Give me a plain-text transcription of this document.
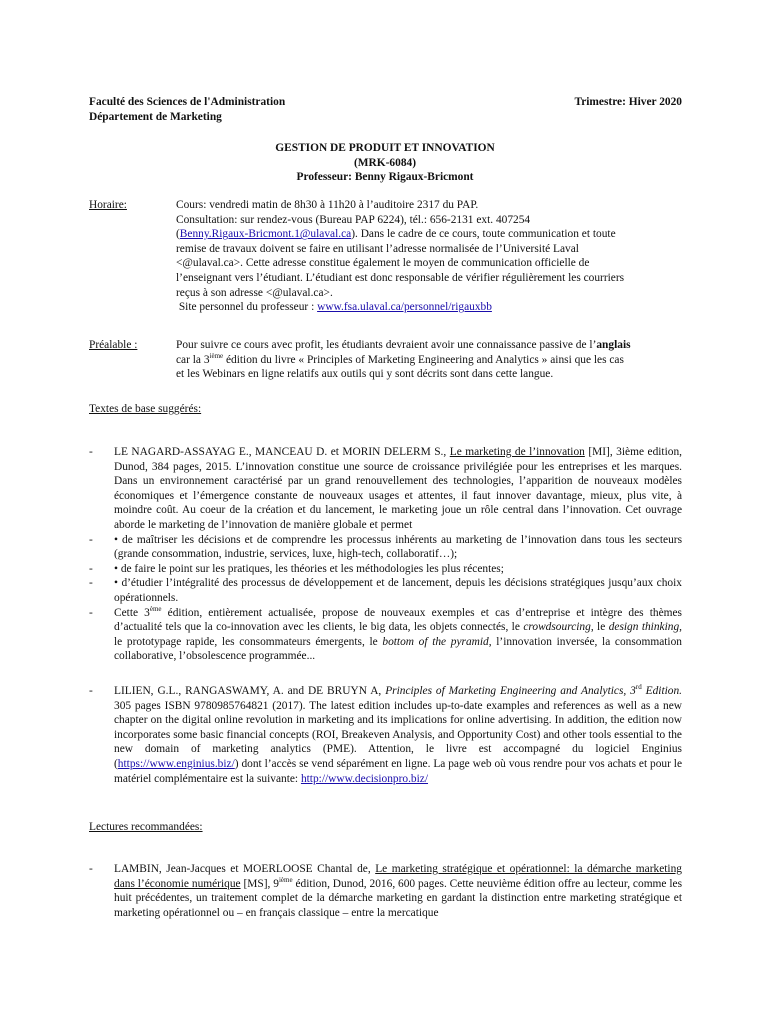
Faculté des Sciences de l'Administration
Département de Marketing
Trimestre: Hiver 2020
GESTION DE PRODUIT ET INNOVATION
(MRK-6084)
Professeur: Benny Rigaux-Bricmont
Horaire:	Cours: vendredi matin de 8h30 à 11h20 à l’auditoire 2317 du PAP.
Consultation: sur rendez-vous (Bureau PAP 6224), tél.: 656-2131 ext. 407254
(Benny.Rigaux-Bricmont.1@ulaval.ca). Dans le cadre de ce cours, toute communication et toute
remise de travaux doivent se faire en utilisant l’adresse normalisée de l’Université Laval
<@ulaval.ca>. Cette adresse constitue également le moyen de communication officielle de
l’enseignant vers l’étudiant. L’étudiant est donc responsable de vérifier régulièrement les courriers
reçus à son adresse <@ulaval.ca>.
Site personnel du professeur : www.fsa.ulaval.ca/personnel/rigauxbb
Préalable :	Pour suivre ce cours avec profit, les étudiants devraient avoir une connaissance passive de l’anglais
car la 3ième édition du livre « Principles of Marketing Engineering and Analytics » ainsi que les cas
et les Webinars en ligne relatifs aux outils qui y sont décrits sont dans cette langue.
Textes de base suggérés:
- LE NAGARD-ASSAYAG E., MANCEAU D. et MORIN DELERM S., Le marketing de l’innovation [MI], 3ième edition, Dunod, 384 pages, 2015. L’innovation constitue une source de croissance privilégiée pour les entreprises et les marques. Dans un environnement caractérisé par un grand renouvellement des technologies, l’apparition de nouveaux modèles économiques et l’émergence constante de nouveaux usages et attentes, il faut innover davantage, mieux, plus vite, à moindre coût. Au coeur de la création et du lancement, le marketing joue un rôle central dans l’innovation. Cet ouvrage aborde le marketing de l’innovation de manière globale et permet
- • de maîtriser les décisions et de comprendre les processus inhérents au marketing de l’innovation dans tous les secteurs (grande consommation, industrie, services, luxe, high-tech, collaboratif…);
- • de faire le point sur les pratiques, les théories et les méthodologies les plus récentes;
- • d’étudier l’intégralité des processus de développement et de lancement, depuis les décisions stratégiques jusqu’aux choix opérationnels.
- Cette 3ème édition, entièrement actualisée, propose de nouveaux exemples et cas d’entreprise et intègre des thèmes d’actualité tels que la co-innovation avec les clients, le big data, les objets connectés, le crowdsourcing, le design thinking, le prototypage rapide, les consommateurs émergents, le bottom of the pyramid, l’innovation inversée, la consommation collaborative, l’obsolescence programmée...
- LILIEN, G.L., RANGASWAMY, A. and DE BRUYN A, Principles of Marketing Engineering and Analytics, 3rd Edition. 305 pages ISBN 9780985764821 (2017). The latest edition includes up-to-date examples and references as well as a new chapter on the digital online revolution in marketing and its implications for online advertising. In addition, the edition now incorporates some basic financial concepts (ROI, Breakeven Analysis, and Opportunity Cost) and other tools essential to the new domain of marketing analytics (PME). Attention, le livre est accompagné du logiciel Enginius (https://www.enginius.biz/) dont l’accès se vend séparément en ligne. La page web où vous rendre pour vos achats et pour le matériel complémentaire est la suivante: http://www.decisionpro.biz/
Lectures recommandées:
- LAMBIN, Jean-Jacques et MOERLOOSE Chantal de, Le marketing stratégique et opérationnel: la démarche marketing dans l’économie numérique [MS], 9ième édition, Dunod, 2016, 600 pages. Cette neuvième édition offre au lecteur, comme les huit précédentes, un traitement complet de la démarche marketing en gardant la distinction entre marketing stratégique et marketing opérationnel ou – en français classique – entre la mercatique
